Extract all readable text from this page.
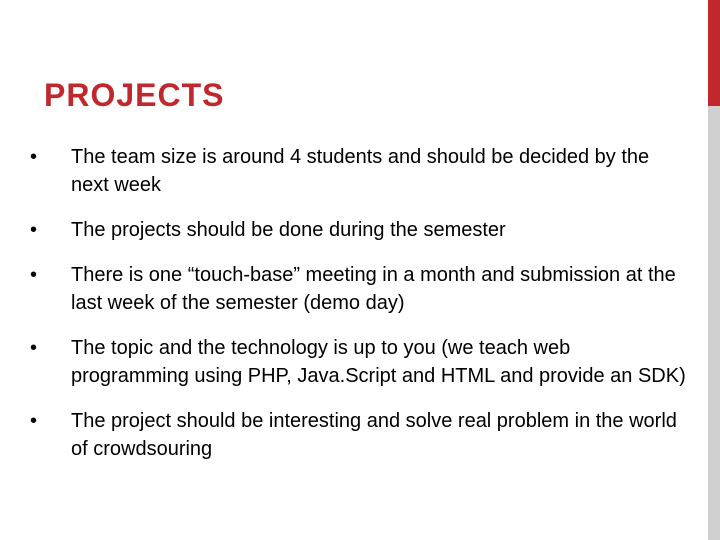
PROJECTS
•	The team size is around 4 students and should be decided by the next week
•	The projects should be done during the semester
•	There is one “touch-base” meeting in a month and submission at the last week of the semester (demo day)
•	The topic and the technology is up to you (we teach web programming using PHP, Java.Script and HTML and provide an SDK)
•	The project should be interesting and solve real problem in the world of crowdsouring
